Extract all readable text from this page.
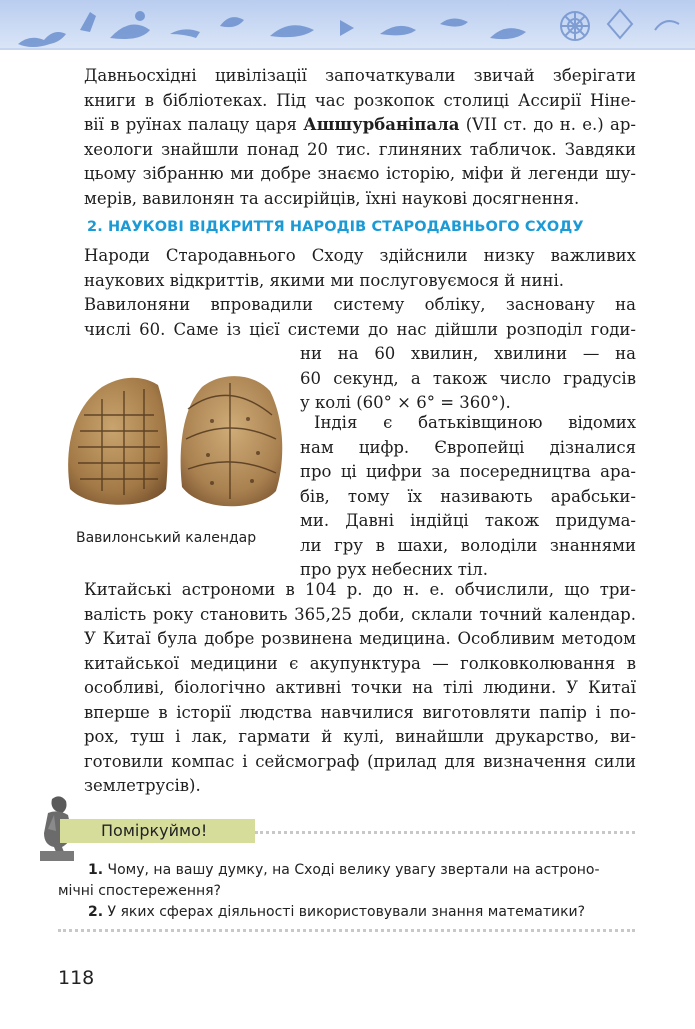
Давньосхідні цивілізації започаткували звичай зберігати
книги в бібліотеках. Під час розкопок столиці Ассирії Ніне-
вії в руїнах палацу царя Ашшурбаніпала (VII ст. до н. е.) ар-
хеологи знайшли понад 20 тис. глиняних табличок. Завдяки
цьому зібранню ми добре знаємо історію, міфи й легенди шу-
мерів, вавилонян та ассирійців, їхні наукові досягнення.
2. НАУКОВІ ВІДКРИТТЯ НАРОДІВ СТАРОДАВНЬОГО СХОДУ
Народи Стародавнього Сходу здійснили низку важливих
наукових відкриттів, якими ми послуговуємося й нині.
Вавилоняни впровадили систему обліку, засновану на
числі 60. Саме із цієї системи до нас дійшли розподіл годи-
ни на 60 хвилин, хвилини — на
60 секунд, а також число градусів
у колі (60° × 6° = 360°).
Індія є батьківщиною відомих
нам цифр. Європейці дізналися
про ці цифри за посередництва ара-
бів, тому їх називають арабськи-
ми. Давні індійці також придума-
ли гру в шахи, володіли знаннями
про рух небесних тіл.
Вавилонський календар
Китайські астрономи в 104 р. до н. е. обчислили, що три-
валість року становить 365,25 доби, склали точний календар.
У Китаї була добре розвинена медицина. Особливим методом
китайської медицини є акупунктура — голковколювання в
особливі, біологічно активні точки на тілі людини. У Китаї
вперше в історії людства навчилися виготовляти папір і по-
рох, туш і лак, гармати й кулі, винайшли друкарство, ви-
готовили компас і сейсмограф (прилад для визначення сили
землетрусів).
Поміркуймо!
1. Чому, на вашу думку, на Сході велику увагу звертали на астроно-
мічні спостереження?
2. У яких сферах діяльності використовували знання математики?
118
